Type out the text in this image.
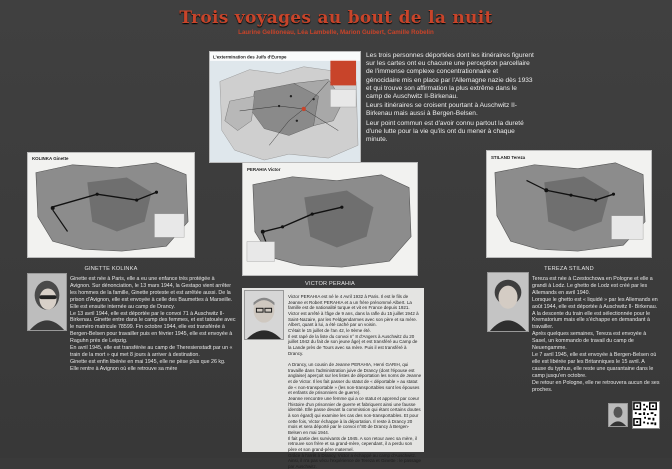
Trois voyages au bout de la nuit
Laurine Gellioneau, Léa Lambelle, Marion Guibert, Camille Robelin
L'extermination des Juifs d'Europe	Les trois personnes déportées dont les itinéraires figurent sur les cartes ont eu chacune une perception parcellaire de l'immense complexe concentrationnaire et génocidaire mis en place par l'Allemagne nazie dès 1933 et qui trouve son affirmation la plus extrême dans le camp de Auschwitz II-Birkenau.

Leurs itinéraires se croisent pourtant à Auschwitz II-Birkenau mais aussi à Bergen-Belsen.

Leur point commun est d'avoir connu partout la dureté d'une lutte pour la vie qu'ils ont du mener à chaque minute.

KOLINKA Ginette
PERAHIA Victor
STILAND Tereza
GINETTE KOLINKA
VICTOR PERAHIA
TEREZA STILAND

Ginette est née à Paris, elle a eu une enfance très protégée à Avignon. Sur dénonciation, le 13 mars 1944, la Gestapo vient arrêter les hommes de la famille, Ginette proteste et est arrêtée aussi. De la prison d'Avignon, elle est envoyée à celle des Baumettes à Marseille. Elle est ensuite internée au camp de Drancy.

Le 13 avril 1944, elle est déportée par le convoi 71 à Auschwitz II- Birkenau. Ginette entre dans le camp des femmes, et est tatouée avec le numéro matricule 78599. Fin octobre 1944, elle est transférée à Bergen-Belsen pour travailler puis en février 1945, elle est envoyée à Raguhn près de Leipzig.

En avril 1945, elle est transférée au camp de Theresienstadt par un « train de la mort » qui met 8 jours à arriver à destination.

Ginette est enfin libérée en mai 1945, elle ne pèse plus que 26 kg.

Elle rentre à Avignon où elle retrouve sa mère

Victor PERAHIA est né le 4 Avril 1932 à Paris. Il est le fils de Jeanne et Robert PERAHIA et a un frère prénommé Albert. La famille est de nationalité turque et vit en France depuis 1921.

Victor est arrêté à l'âge de 9 ans, dans la rafle du 15 juillet 1942 à Saint-Nazaire, par les Feldgendarmes avec son père et sa mère. Albert, quant à lui, a été caché par un voisin.

C'était le 15 juillet de l'an 42, le 9ème été.

Il est rapé de la liste du convoi n° 8 d'Angers à Auschwitz du 20 juillet 1942 du fait de son jeune âge) et est transféré au Camp de la Lande près de Tours avec sa mère. Puis il est transféré à Drancy.

A Drancy, un cousin de Jeanne PERAHIA, Henri GARIH, qui travaille dans l'administration juive de Drancy (dont l'épouse est anglaise) aperçoit sur les listes de déportation les noms de Jeanne et de Victor. Il les fait passer du statut de « déportable » au statut de « non-transportable » (les non-transportables sont les épouses et enfants de prisonniers de guerre).

Jeanne rencontre une femme qui a ce statut et apprend par coeur l'histoire d'un prisonnier de guerre et fabriquent ainsi une fausse identité. Elle passe devant la commission qui étant certains doutes à son égard) qui examine les cas des non-transportables. Et pour cette fois, Victor échappe à la déportation. Il reste à Drancy 20 mois et sera déporté par le convoi n°80 de Drancy à Bergen-Belsen en mai 1944.

Il fait partie des survivants de 1945. A son retour avec sa mère, il retrouve son frère et sa grand-mère, cependant, il a perdu son père et son grand-père maternel.

Grâce à l'arrêt à Drancy, Victor a échappé au camp d'Auschwitz. Ainsi, il n'a pas vécu l'expérience de Tereza et Ginette : le passage par Auschwitz.

Tereza est née à Czestochowa en Pologne et elle a grandi à Lodz. Le ghetto de Lodz est créé par les Allemands en avril 1940.

Lorsque le ghetto est « liquidé » par les Allemands en août 1944, elle est déportée à Auschwitz II- Birkenau. A la descente du train elle est sélectionnée pour le Krematorium mais elle s'échappe en demandant à travailler.

Après quelques semaines, Tereza est envoyée à Sasel, un kommando de travail du camp de Neuengamme.

Le 7 avril 1945, elle est envoyée à Bergen-Belsen où elle est libérée par les Britanniques le 15 avril. A cause du typhus, elle reste une quarantaine dans le camp jusqu'en octobre.

De retour en Pologne, elle ne retrouvera aucun de ses proches.
